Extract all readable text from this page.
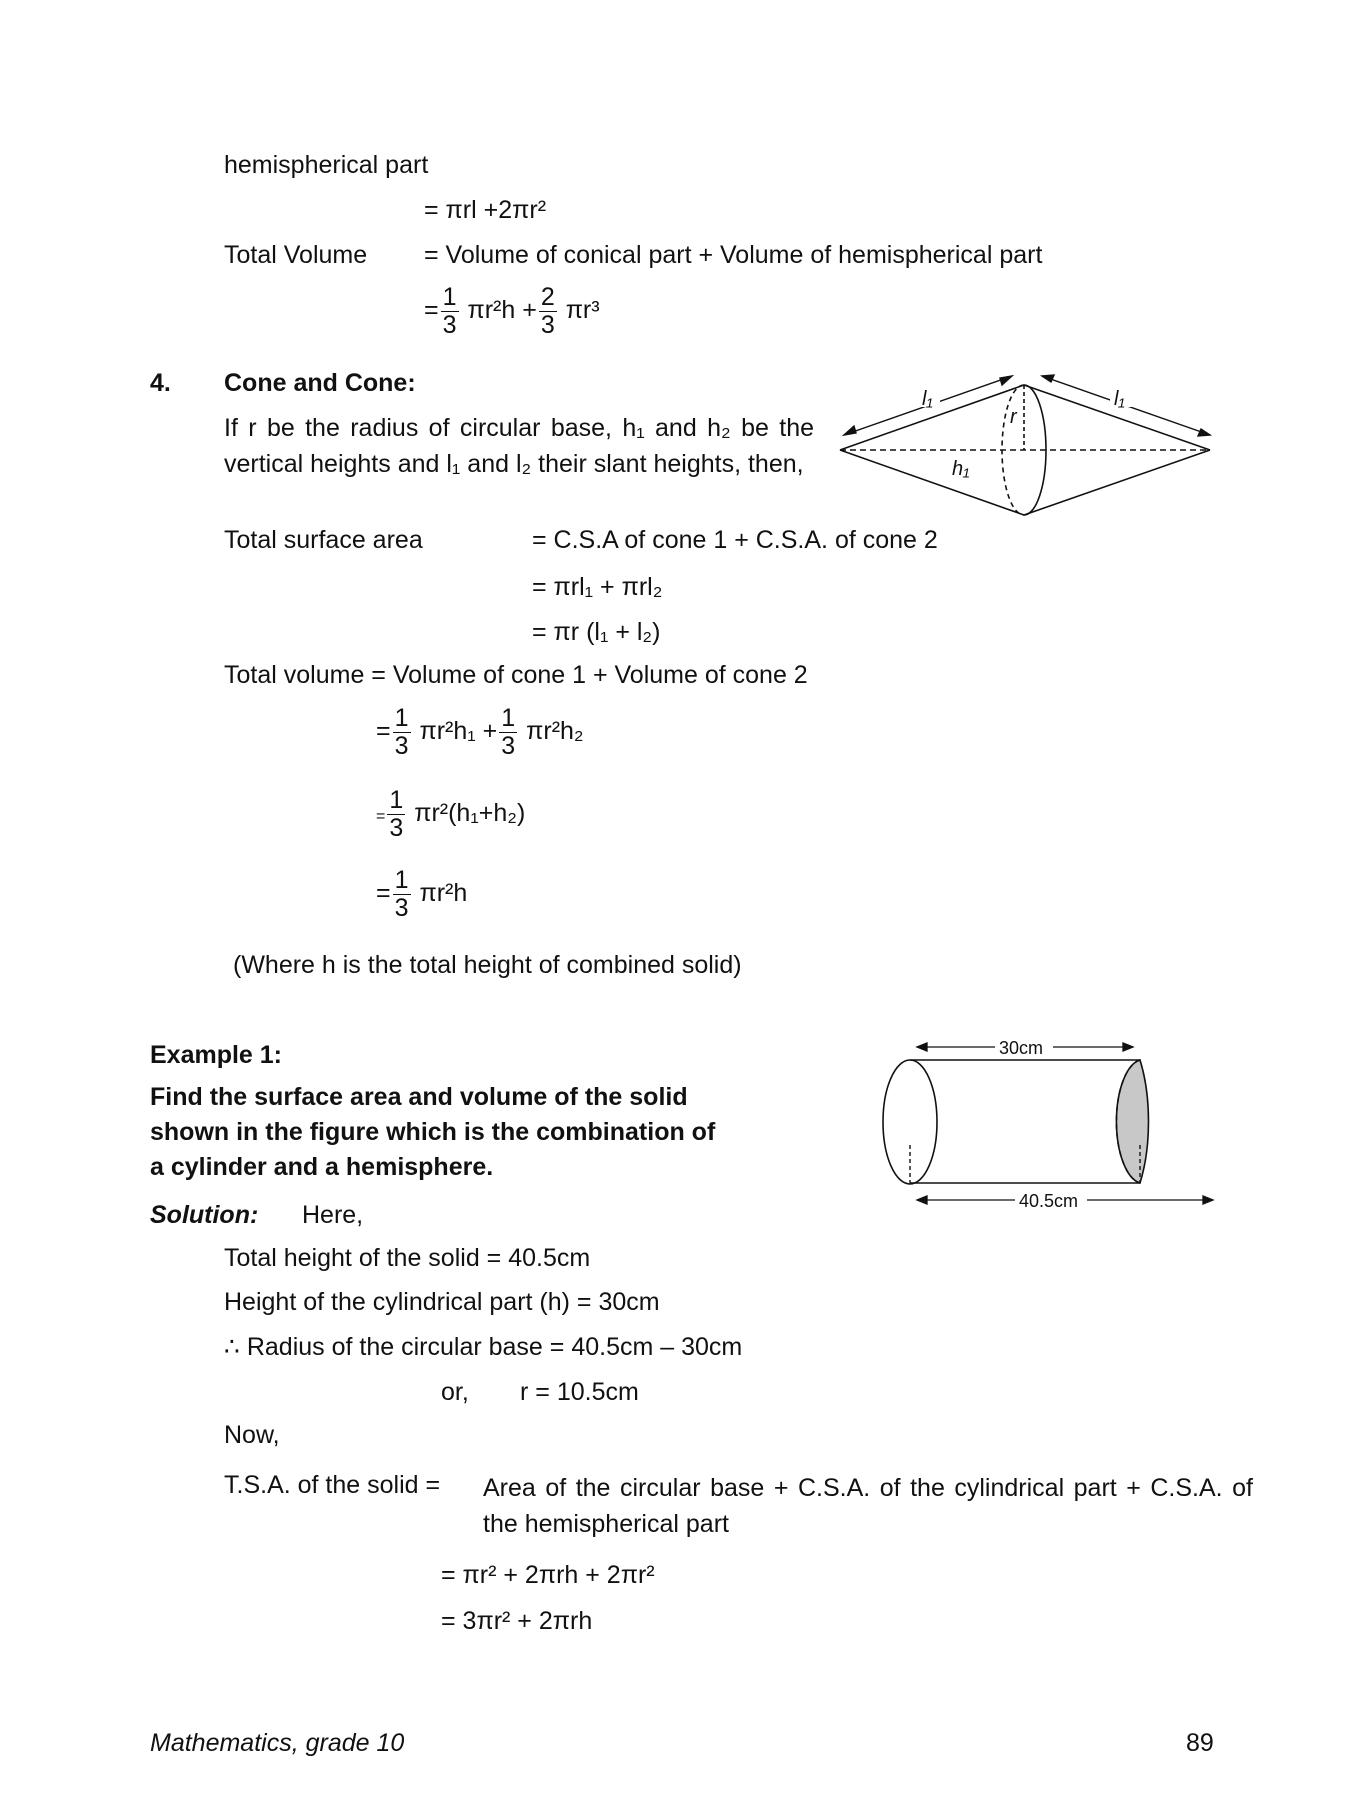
hemispherical part
= πrl +2πr²
Total Volume = Volume of conical part + Volume of hemispherical part
= $\frac{1}{3} \pi r^2h + \frac{2}{3} \pi r^3$
4. Cone and Cone:
If r be the radius of circular base, h₁ and h₂ be the vertical heights and l₁ and l₂ their slant heights, then,
l₁	l₁
r
h₁
Total surface area	= C.S.A of cone 1 + C.S.A. of cone 2
= πrl₁ + πrl₂
= πr (l₁ + l₂)
Total volume = Volume of cone 1 + Volume of cone 2
= $\frac{1}{3} \pi r^2h_1 + \frac{1}{3} \pi r^2h_2$
= $\frac{1}{3} \pi r^2(h_1+h_2)$
= $\frac{1}{3} \pi r^2h$
(Where h is the total height of combined solid)
Example 1:
Find the surface area and volume of the solid shown in the figure which is the combination of a cylinder and a hemisphere.
30cm
40.5cm
Solution: Here,
Total height of the solid = 40.5cm
Height of the cylindrical part (h) = 30cm
∴ Radius of the circular base = 40.5cm – 30cm
or, r = 10.5cm
Now,
T.S.A. of the solid = Area of the circular base + C.S.A. of the cylindrical part + C.S.A. of the hemispherical part
= πr² + 2πrh + 2πr²
= 3πr² + 2πrh
Mathematics, grade 10	89
